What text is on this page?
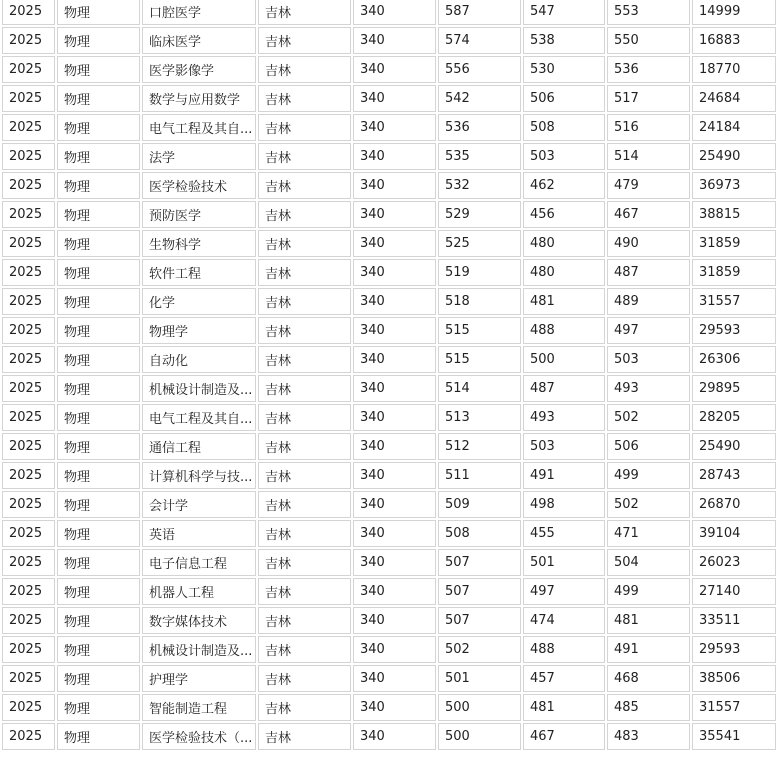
2025	物理	口腔医学	吉林	340	587	547	553	14999
2025	物理	临床医学	吉林	340	574	538	550	16883
2025	物理	医学影像学	吉林	340	556	530	536	18770
2025	物理	数学与应用数学	吉林	340	542	506	517	24684
2025	物理	电气工程及其自...	吉林	340	536	508	516	24184
2025	物理	法学	吉林	340	535	503	514	25490
2025	物理	医学检验技术	吉林	340	532	462	479	36973
2025	物理	预防医学	吉林	340	529	456	467	38815
2025	物理	生物科学	吉林	340	525	480	490	31859
2025	物理	软件工程	吉林	340	519	480	487	31859
2025	物理	化学	吉林	340	518	481	489	31557
2025	物理	物理学	吉林	340	515	488	497	29593
2025	物理	自动化	吉林	340	515	500	503	26306
2025	物理	机械设计制造及...	吉林	340	514	487	493	29895
2025	物理	电气工程及其自...	吉林	340	513	493	502	28205
2025	物理	通信工程	吉林	340	512	503	506	25490
2025	物理	计算机科学与技...	吉林	340	511	491	499	28743
2025	物理	会计学	吉林	340	509	498	502	26870
2025	物理	英语	吉林	340	508	455	471	39104
2025	物理	电子信息工程	吉林	340	507	501	504	26023
2025	物理	机器人工程	吉林	340	507	497	499	27140
2025	物理	数字媒体技术	吉林	340	507	474	481	33511
2025	物理	机械设计制造及...	吉林	340	502	488	491	29593
2025	物理	护理学	吉林	340	501	457	468	38506
2025	物理	智能制造工程	吉林	340	500	481	485	31557
2025	物理	医学检验技术（...	吉林	340	500	467	483	35541
